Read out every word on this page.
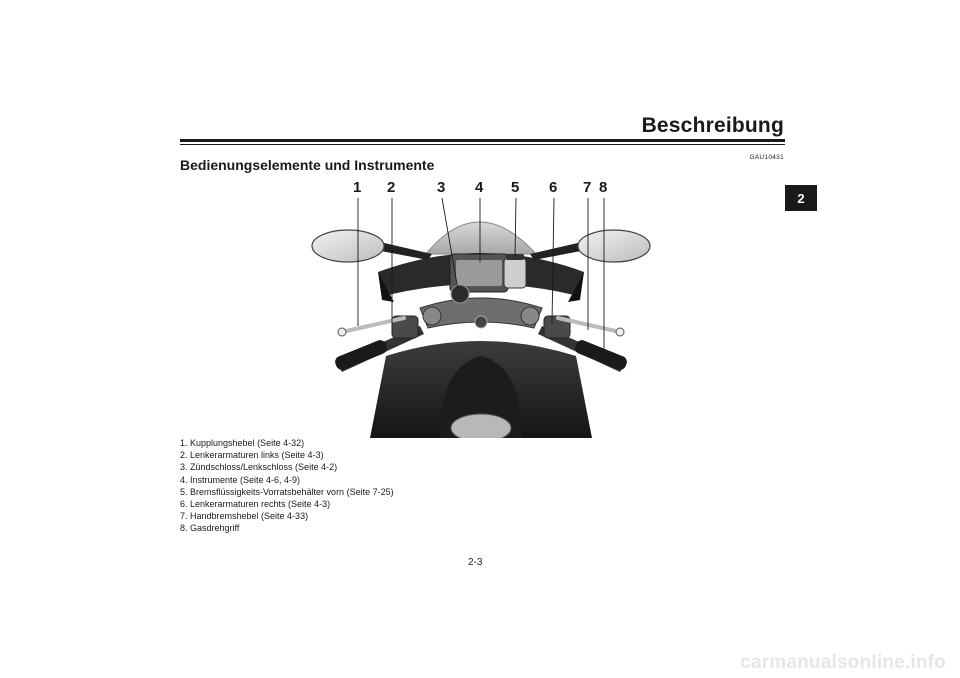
Beschreibung
Bedienungselemente und Instrumente	GAU10431
2
1 2	3 4 5 6 7 8
1. Kupplungshebel (Seite 4-32)
2. Lenkerarmaturen links (Seite 4-3)
3. Zündschloss/Lenkschloss (Seite 4-2)
4. Instrumente (Seite 4-6, 4-9)
5. Bremsflüssigkeits-Vorratsbehälter vorn (Seite 7-25)
6. Lenkerarmaturen rechts (Seite 4-3)
7. Handbremshebel (Seite 4-33)
8. Gasdrehgriff
2-3
carmanualsonline.info
